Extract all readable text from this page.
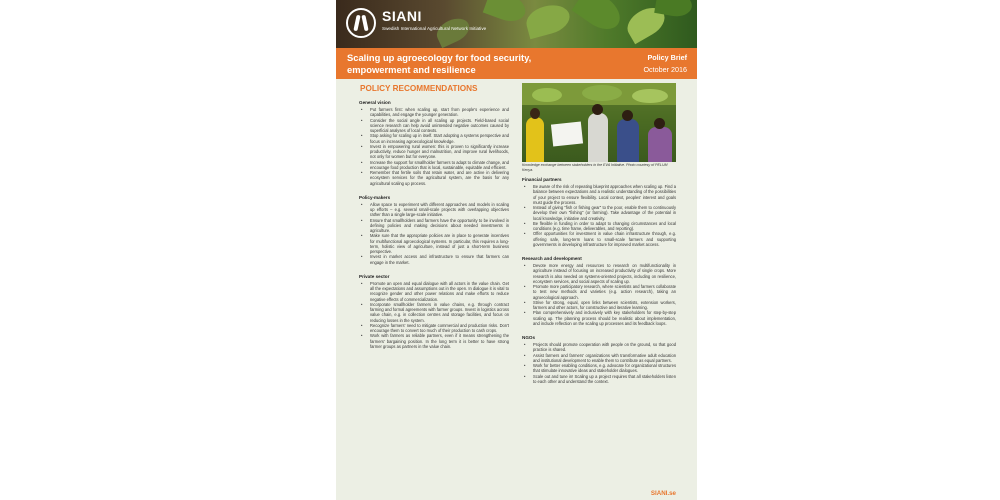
SIANI
Swedish International Agricultural Network Initiative
Scaling up agroecology for food security, empowerment and resilience
Policy Brief
October 2016
POLICY RECOMMENDATIONS
General vision
• Put farmers first: when scaling up, start from people's experience and capabilities, and engage the younger generation.
• Consider the social angle in all scaling up projects. Field-based social science research can help avoid unintended negative outcomes caused by superficial analyses of local contexts.
• Stop asking for scaling up in itself. Start adopting a systems perspective and focus on increasing agroecological knowledge.
• Invest in empowering rural women: this is proven to significantly increase productivity, reduce hunger and malnutrition, and improve rural livelihoods, not only for women but for everyone.
• Increase the support for smallholder farmers to adapt to climate change, and encourage food production that is local, sustainable, equitable and efficient.
• Remember that fertile soils that retain water, and are active in delivering ecosystem services for the agricultural system, are the basis for any agricultural scaling up process.
Policy-makers
• Allow space to experiment with different approaches and models in scaling up efforts – e.g. several small-scale projects with overlapping objectives rather than a single large-scale initiative.
• Ensure that smallholders and farmers have the opportunity to be involved in defining policies and making decisions about needed investments in agriculture.
• Make sure that the appropriate policies are in place to generate incentives for multifunctional agroecological systems. In particular, this requires a long-term, holistic view of agriculture, instead of just a short-term business perspective.
• Invest in market access and infrastructure to ensure that farmers can engage in the market.
Private sector
• Promote an open and equal dialogue with all actors in the value chain. Get all the expectations and assumptions out in the open. In dialogue it is vital to recognize gender and other power relations and make efforts to reduce negative effects of commercialization.
• Incorporate smallholder farmers in value chains, e.g. through contract farming and formal agreements with farmer groups. Invest in logistics across value chain, e.g. in collection centres and storage facilities, and focus on reducing losses in the system.
• Recognize farmers' need to mitigate commercial and production risks. Don't encourage them to convert too much of their production to cash crops.
• Work with farmers as reliable partners, even if it means strengthening the farmers' bargaining position. In the long term it is better to have strong farmer groups as partners in the value chain.
Knowledge exchange between stakeholders in the EVA Initiative. Photo courtesy of PELUM Kenya.
Financial partners
• Be aware of the risk of repeating blueprint approaches when scaling up. Find a balance between expectations and a realistic understanding of the possibilities of your project to ensure flexibility. Local context, peoples' interest and goals must guide the process.
• Instead of giving "fish or fishing gear" to the poor, enable them to continuously develop their own "fishing" (or farming). Take advantage of the potential in local knowledge, initiative and creativity.
• Be flexible in funding in order to adapt to changing circumstances and local conditions (e.g. time frame, deliverables, and reporting).
• Offer opportunities for investment in value chain infrastructure through, e.g. offering safe, long-term loans to small-scale farmers and supporting governments in developing infrastructure for improved market access.
Research and development
• Devote more energy and resources to research on multifunctionality in agriculture instead of focusing on increased productivity of single crops. More research is also needed on systems-oriented projects, including on resilience, ecosystem services, and social aspects of scaling up.
• Promote more participatory research, where scientists and farmers collaborate to test new methods and varieties (e.g. action research), taking an agroecological approach.
• Strive for strong, equal, open links between scientists, extension workers, farmers and other actors, for constructive and iterative learning.
• Plan comprehensively and inclusively with key stakeholders for step-by-step scaling up. The planning process should be realistic about implementation, and include reflection on the scaling up processes and its feedback loops.
NGOs
• Projects should promote cooperation with people on the ground, so that good practice is shared.
• Assist farmers and farmers' organizations with transformative adult education and institutional development to enable them to contribute as equal partners.
• Work for better enabling conditions, e.g. advocate for organizational structures that stimulate innovative ideas and stakeholder dialogues.
• Scale out and tune in! Scaling up a project requires that all stakeholders listen to each other and understand the context.
SIANI.se
